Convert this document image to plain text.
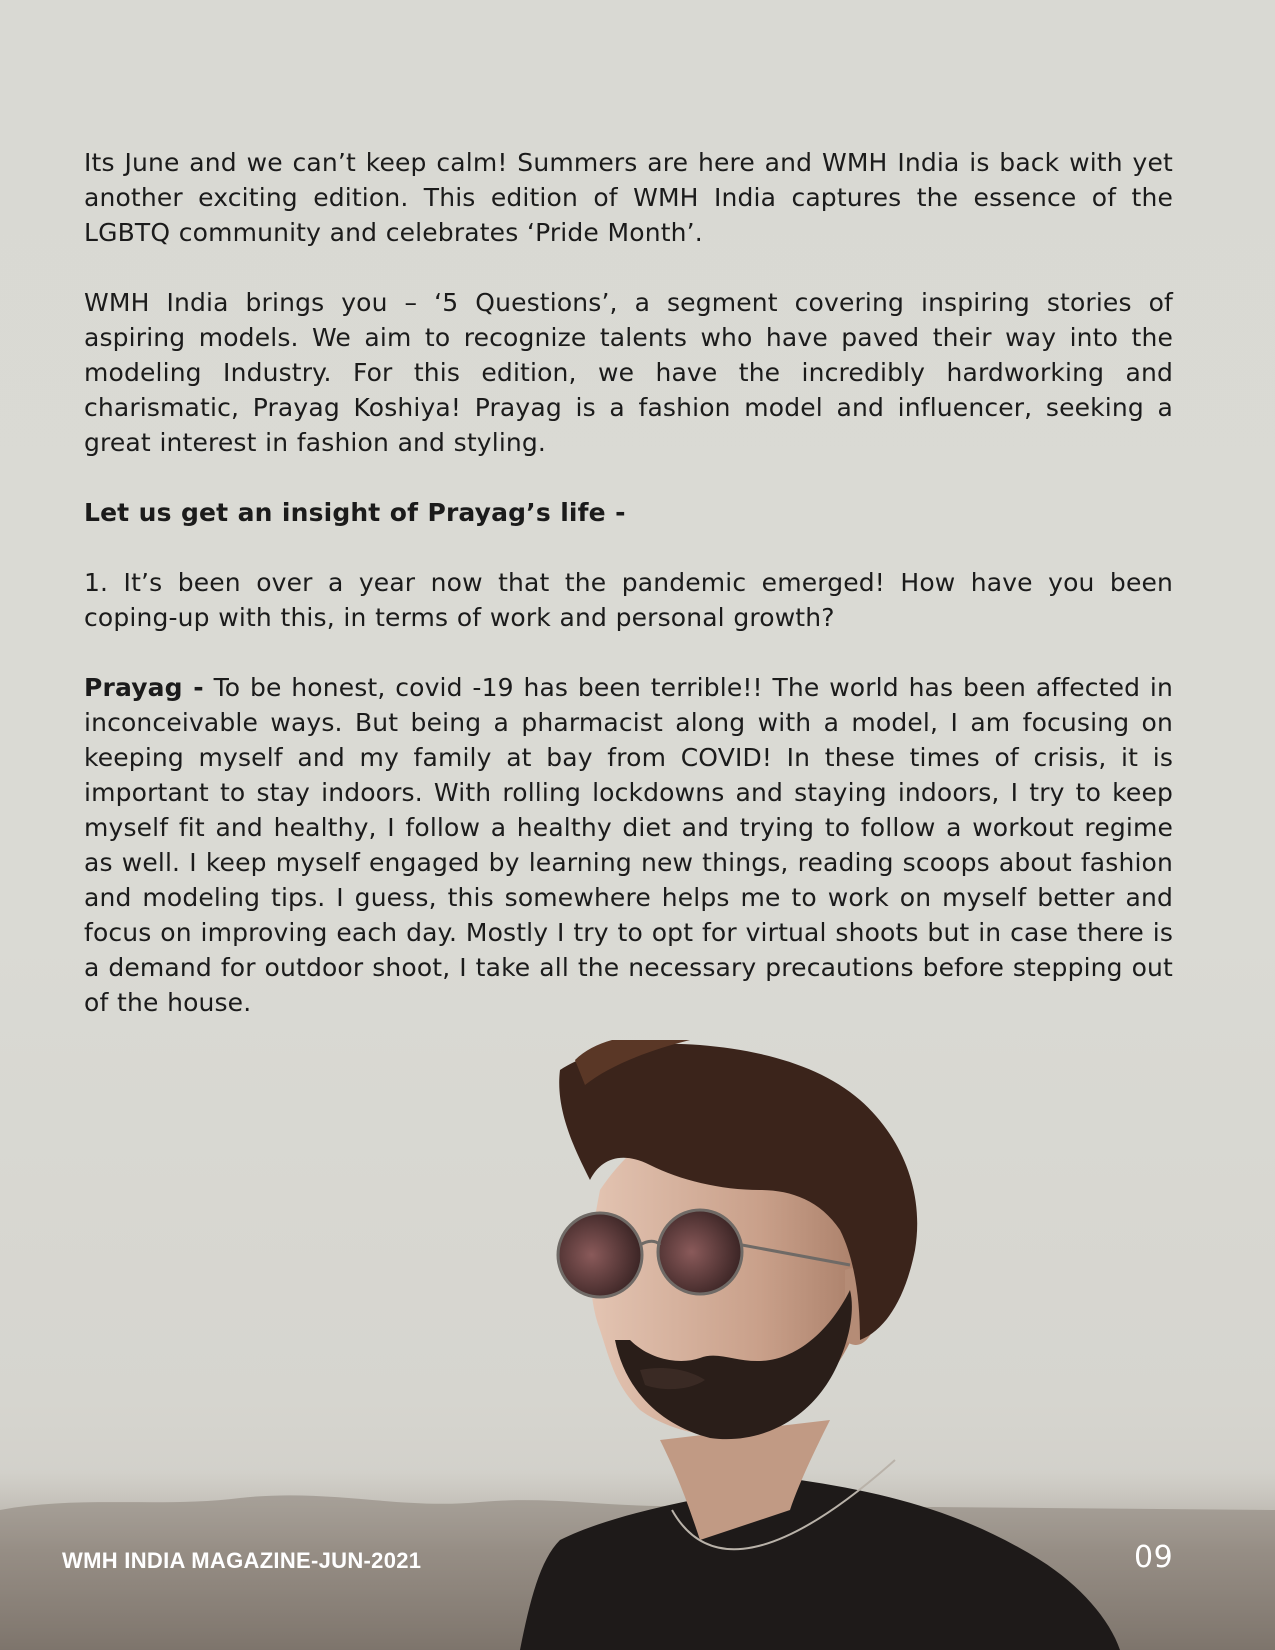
Its June and we can’t keep calm! Summers are here and WMH India is back with yet another exciting edition. This edition of WMH India captures the essence of the LGBTQ community and celebrates ‘Pride Month’.

WMH India brings you – ‘5 Questions’, a segment covering inspiring stories of aspiring models. We aim to recognize talents who have paved their way into the modeling Industry. For this edition, we have the incredibly hardworking and charismatic, Prayag Koshiya! Prayag is a fashion model and influencer, seeking a great interest in fashion and styling.

Let us get an insight of Prayag’s life -

1. It’s been over a year now that the pandemic emerged! How have you been coping-up with this, in terms of work and personal growth?

Prayag - To be honest, covid -19 has been terrible!! The world has been affected in inconceivable ways. But being a pharmacist along with a model, I am focusing on keeping myself and my family at bay from COVID! In these times of crisis, it is important to stay indoors. With rolling lockdowns and staying indoors, I try to keep myself fit and healthy, I follow a healthy diet and trying to follow a workout regime as well. I keep myself engaged by learning new things, reading scoops about fashion and modeling tips. I guess, this somewhere helps me to work on myself better and focus on improving each day. Mostly I try to opt for virtual shoots but in case there is a demand for outdoor shoot, I take all the necessary precautions before stepping out of the house.

WMH INDIA MAGAZINE-JUN-2021	09
